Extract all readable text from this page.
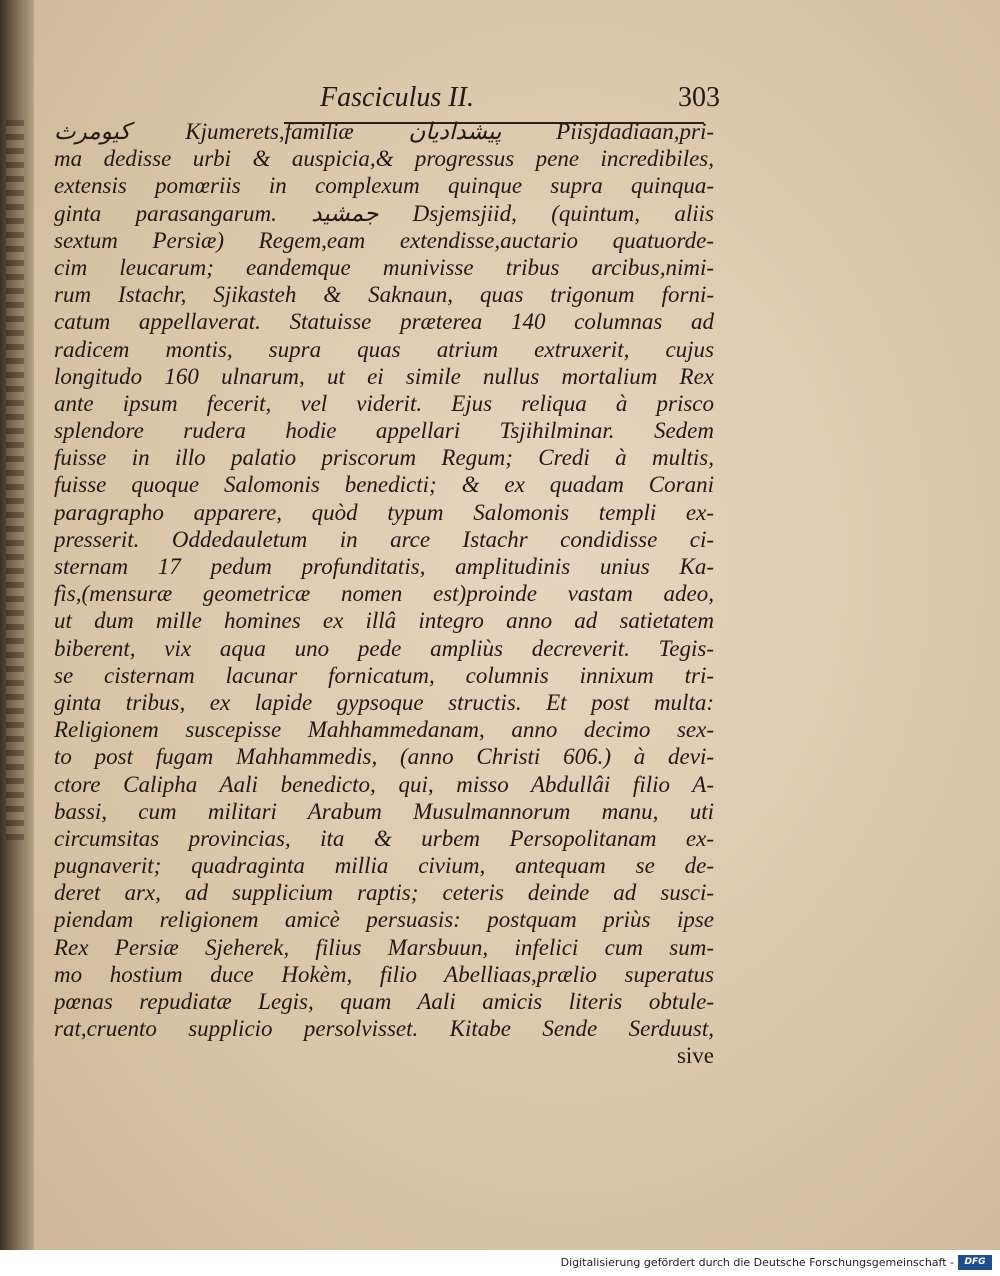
Fasciculus II.	303
كيومرث Kjumerets,familiæ پيشداديان Piisjdadiaan,pri-
ma dedisse urbi & auspicia,& progressus pene incredibiles,
extensis pomœriis in complexum quinque supra quinqua-
ginta parasangarum. جمشيد Dsjemsjiid, (quintum, aliis
sextum Persiæ) Regem,eam extendisse,auctario quatuorde-
cim leucarum; eandemque munivisse tribus arcibus,nimi-
rum Istachr, Sjikasteh & Saknaun, quas trigonum forni-
catum appellaverat. Statuisse præterea 140 columnas ad
radicem montis, supra quas atrium extruxerit, cujus
longitudo 160 ulnarum, ut ei simile nullus mortalium Rex
ante ipsum fecerit, vel viderit. Ejus reliqua à prisco
splendore rudera hodie appellari Tsjihilminar. Sedem
fuisse in illo palatio priscorum Regum; Credi à multis,
fuisse quoque Salomonis benedicti; & ex quadam Corani
paragrapho apparere, quòd typum Salomonis templi ex-
presserit. Oddedauletum in arce Istachr condidisse ci-
sternam 17 pedum profunditatis, amplitudinis unius Ka-
fìs,(mensuræ geometricæ nomen est)proinde vastam adeo,
ut dum mille homines ex illâ integro anno ad satietatem
biberent, vix aqua uno pede ampliùs decreverit. Tegis-
se cisternam lacunar fornicatum, columnis innixum tri-
ginta tribus, ex lapide gypsoque structis. Et post multa:
Religionem suscepisse Mahhammedanam, anno decimo sex-
to post fugam Mahhammedis, (anno Christi 606.) à devi-
ctore Calipha Aali benedicto, qui, misso Abdullâi filio A-
bassi, cum militari Arabum Musulmannorum manu, uti
circumsitas provincias, ita & urbem Persopolitanam ex-
pugnaverit; quadraginta millia civium, antequam se de-
deret arx, ad supplicium raptis; ceteris deinde ad susci-
piendam religionem amicè persuasis: postquam priùs ipse
Rex Persiæ Sjeherek, filius Marsbuun, infelici cum sum-
mo hostium duce Hokèm, filio Abelliaas,prælio superatus
pœnas repudiatæ Legis, quam Aali amicis literis obtule-
rat,cruento supplicio persolvisset. Kitabe Sende Serduust,
sive
Digitalisierung gefördert durch die Deutsche Forschungsgemeinschaft -	DFG
